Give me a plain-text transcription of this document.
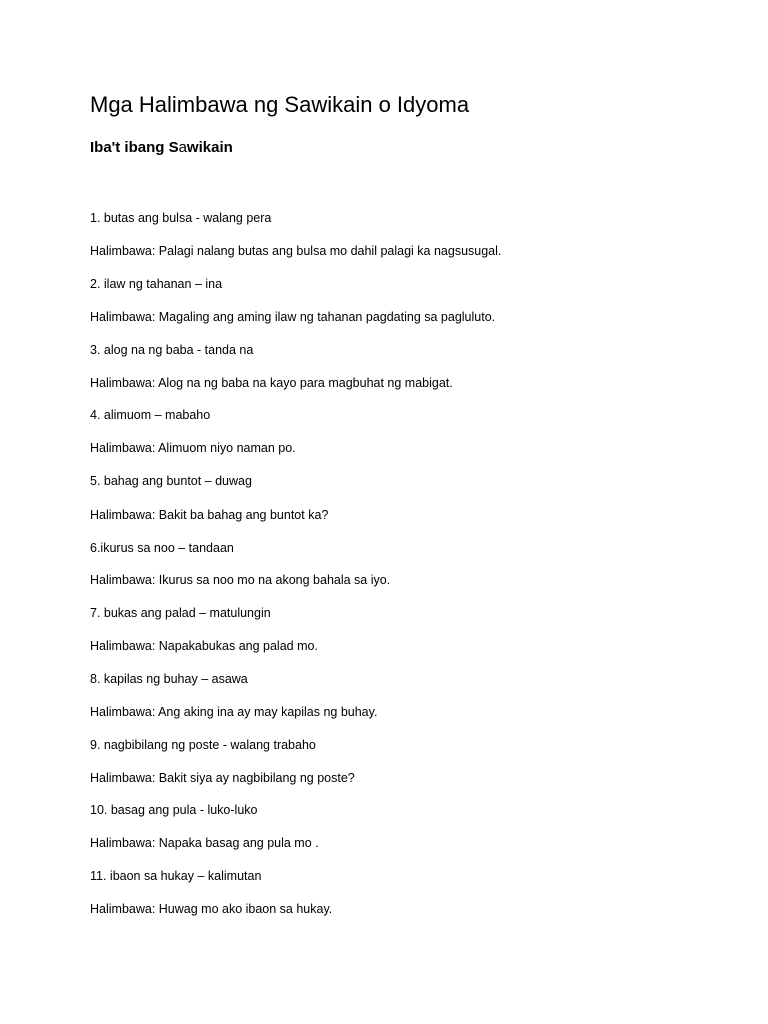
Mga Halimbawa ng Sawikain o Idyoma
Iba't ibang Sawikain

1. butas ang bulsa - walang pera

Halimbawa: Palagi nalang butas ang bulsa mo dahil palagi ka nagsusugal.

2. ilaw ng tahanan – ina

Halimbawa: Magaling ang aming ilaw ng tahanan pagdating sa pagluluto.

3. alog na ng baba - tanda na

Halimbawa: Alog na ng baba na kayo para magbuhat ng mabigat.

4. alimuom – mabaho

Halimbawa: Alimuom niyo naman po.

5. bahag ang buntot – duwag

Halimbawa: Bakit ba bahag ang buntot ka?

6.ikurus sa noo – tandaan

Halimbawa: Ikurus sa noo mo na akong bahala sa iyo.

7. bukas ang palad – matulungin

Halimbawa: Napakabukas ang palad mo.

8. kapilas ng buhay – asawa

Halimbawa: Ang aking ina ay may kapilas ng buhay.

9. nagbibilang ng poste - walang trabaho

Halimbawa: Bakit siya ay nagbibilang ng poste?

10. basag ang pula - luko-luko

Halimbawa: Napaka basag ang pula mo .

11. ibaon sa hukay – kalimutan

Halimbawa: Huwag mo ako ibaon sa hukay.
